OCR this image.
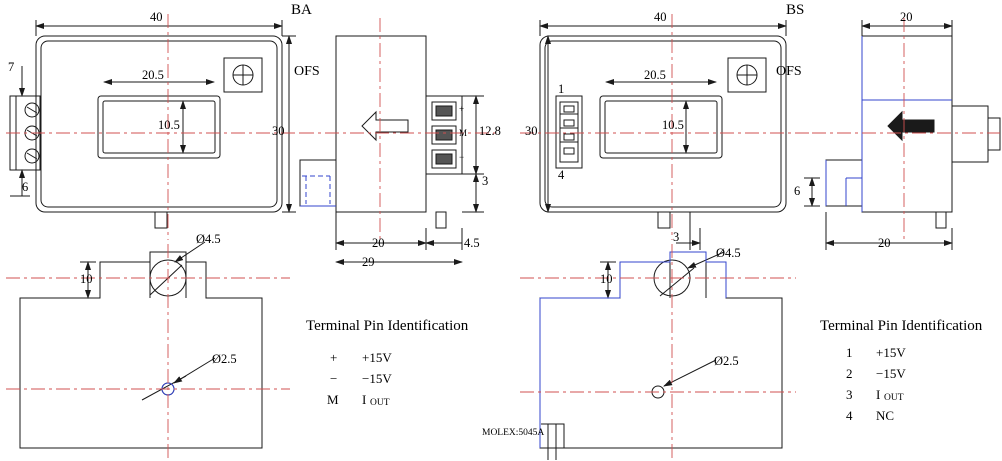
BA	BS
OFS	OFS
40
20.5
10.5	30
7
6
12.8
3
20	4.5
29
+
M
−
Ø4.5
Ø2.5
10
40
20.5
10.5
30
1
4
3
20
6
20
Ø4.5
Ø2.5
10
MOLEX:5045A
Terminal Pin Identification
+ +15V
− −15V
M I OUT
Terminal Pin Identification
1 +15V
2 −15V
3 I OUT
4 NC
